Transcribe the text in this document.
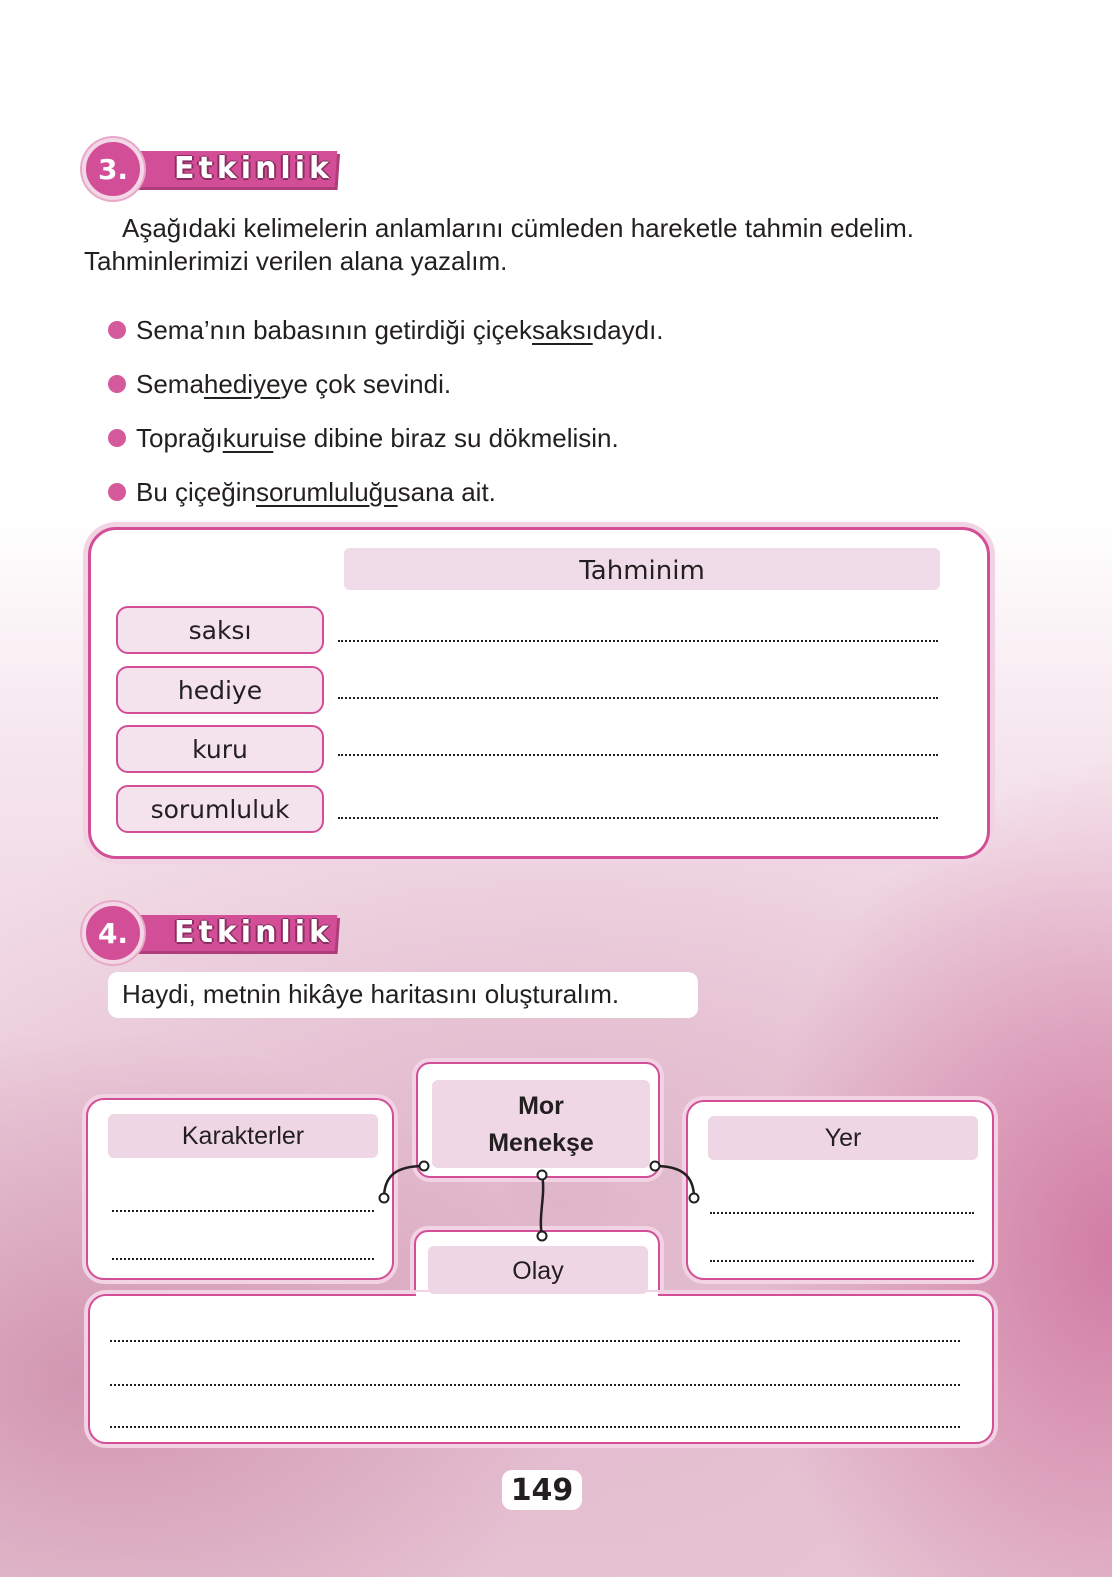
3.	Etkinlik
Aşağıdaki kelimelerin anlamlarını cümleden hareketle tahmin edelim.
Tahminlerimizi verilen alana yazalım.
Sema’nın babasının getirdiği çiçek saksı daydı.
Sema hediye ye çok sevindi.
Toprağı kuru ise dibine biraz su dökmelisin.
Bu çiçeğin sorumluluğu sana ait.
Tahminim
saksı
hediye
kuru
sorumluluk
4.	Etkinlik
Haydi, metnin hikâye haritasını oluşturalım.
Mor
Menekşe
Karakterler	Yer
Olay
149
